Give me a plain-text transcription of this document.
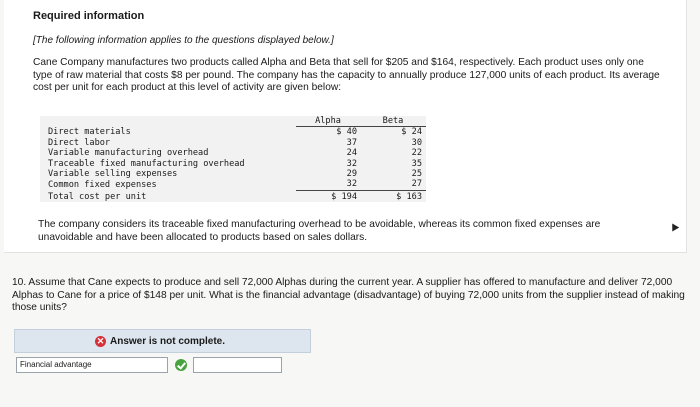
Required information
[The following information applies to the questions displayed below.]
Cane Company manufactures two products called Alpha and Beta that sell for $205 and $164, respectively. Each product uses only one type of raw material that costs $8 per pound. The company has the capacity to annually produce 127,000 units of each product. Its average cost per unit for each product at this level of activity are given below:
	Alpha	Beta
Direct materials	$ 40	$ 24
Direct labor	37	30
Variable manufacturing overhead	24	22
Traceable fixed manufacturing overhead	32	35
Variable selling expenses	29	25
Common fixed expenses	32	27
Total cost per unit	$ 194	$ 163
The company considers its traceable fixed manufacturing overhead to be avoidable, whereas its common fixed expenses are unavoidable and have been allocated to products based on sales dollars.
10. Assume that Cane expects to produce and sell 72,000 Alphas during the current year. A supplier has offered to manufacture and deliver 72,000 Alphas to Cane for a price of $148 per unit. What is the financial advantage (disadvantage) of buying 72,000 units from the supplier instead of making those units?
✕ Answer is not complete.
Financial advantage
